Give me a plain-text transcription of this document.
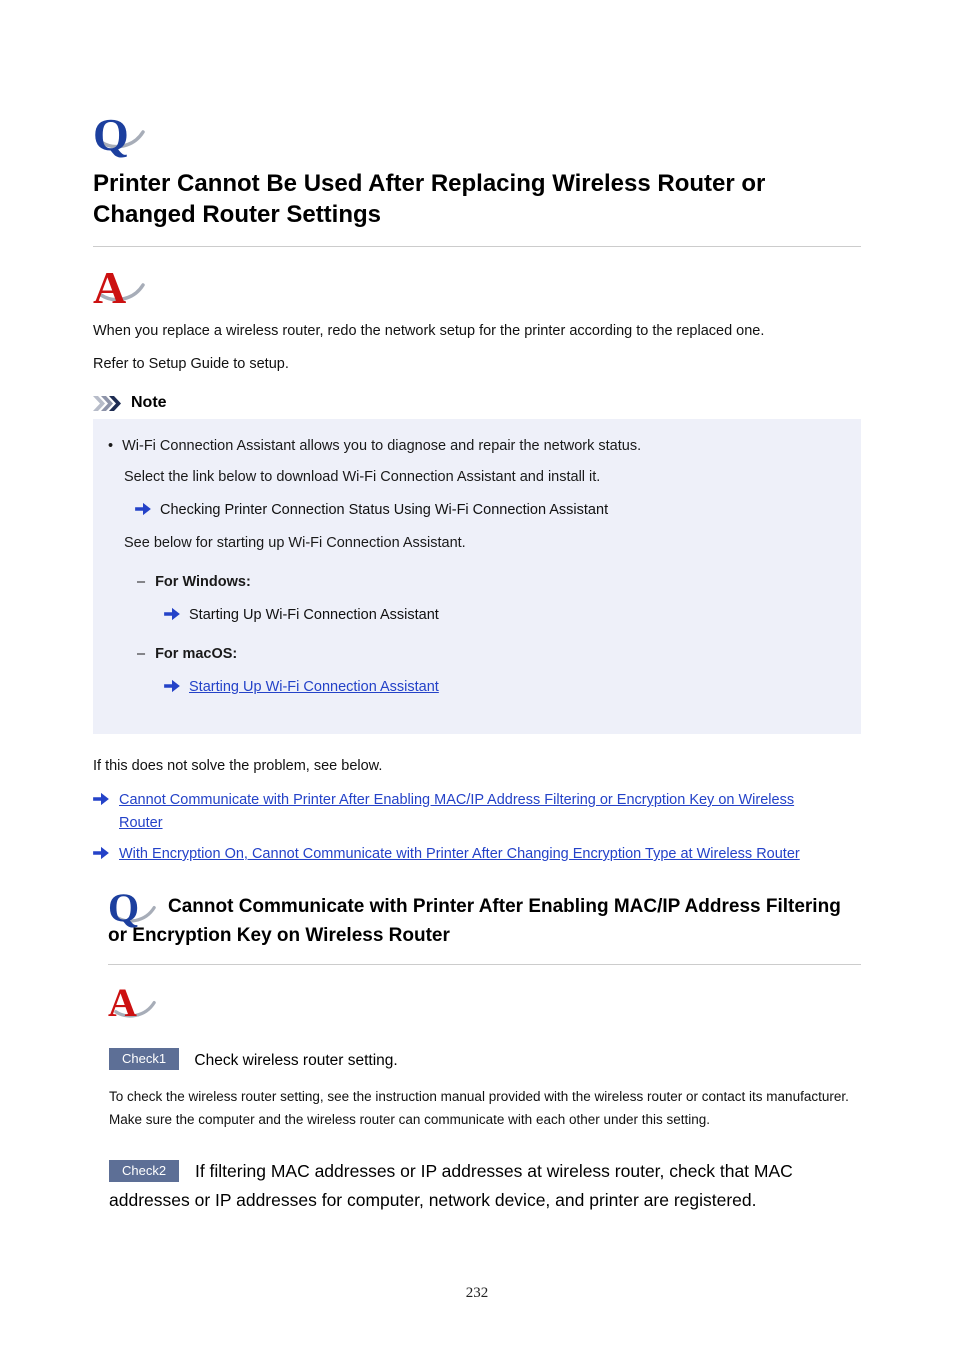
Q
Printer Cannot Be Used After Replacing Wireless Router or Changed Router Settings
A

When you replace a wireless router, redo the network setup for the printer according to the replaced one.

Refer to Setup Guide to setup.

Note
• Wi-Fi Connection Assistant allows you to diagnose and repair the network status.

Select the link below to download Wi-Fi Connection Assistant and install it.

Checking Printer Connection Status Using Wi-Fi Connection Assistant

See below for starting up Wi-Fi Connection Assistant.

– For Windows:
Starting Up Wi-Fi Connection Assistant
– For macOS:
Starting Up Wi-Fi Connection Assistant

If this does not solve the problem, see below.

Cannot Communicate with Printer After Enabling MAC/IP Address Filtering or Encryption Key on Wireless Router
With Encryption On, Cannot Communicate with Printer After Changing Encryption Type at Wireless Router
Q	Cannot Communicate with Printer After Enabling MAC/IP Address Filtering or Encryption Key on Wireless Router
A

Check1 Check wireless router setting.

To check the wireless router setting, see the instruction manual provided with the wireless router or contact its manufacturer. Make sure the computer and the wireless router can communicate with each other under this setting.

Check2 If filtering MAC addresses or IP addresses at wireless router, check that MAC addresses or IP addresses for computer, network device, and printer are registered.

232
